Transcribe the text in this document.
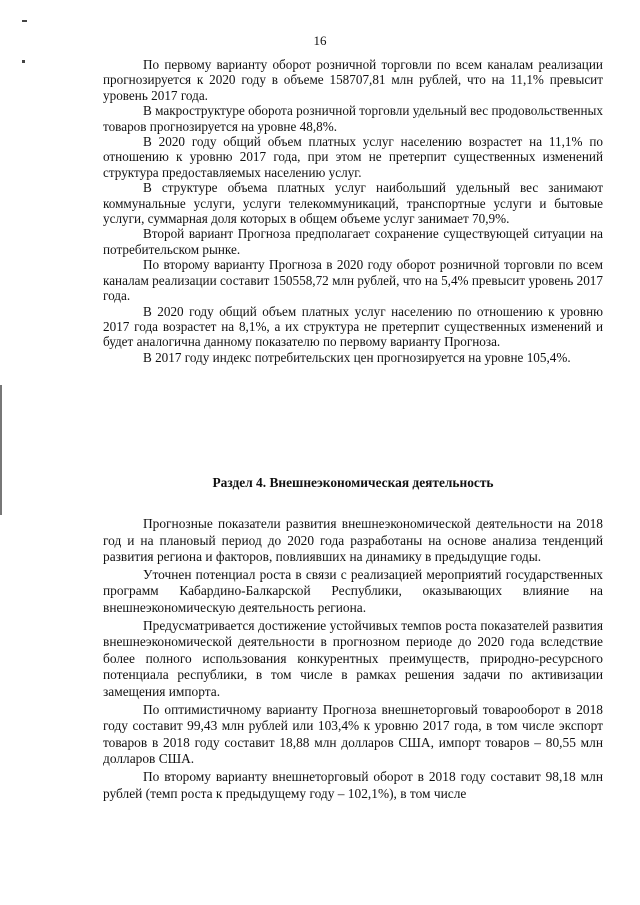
16

По первому варианту оборот розничной торговли по всем каналам реализации прогнозируется к 2020 году в объеме 158707,81 млн рублей, что на 11,1% превысит уровень 2017 года.

В макроструктуре оборота розничной торговли удельный вес продовольственных товаров прогнозируется на уровне 48,8%.

В 2020 году общий объем платных услуг населению возрастет на 11,1% по отношению к уровню 2017 года, при этом не претерпит существенных изменений структура предоставляемых населению услуг.

В структуре объема платных услуг наибольший удельный вес занимают коммунальные услуги, услуги телекоммуникаций, транспортные услуги и бытовые услуги, суммарная доля которых в общем объеме услуг занимает 70,9%.

Второй вариант Прогноза предполагает сохранение существующей ситуации на потребительском рынке.

По второму варианту Прогноза в 2020 году оборот розничной торговли по всем каналам реализации составит 150558,72 млн рублей, что на 5,4% превысит уровень 2017 года.

В 2020 году общий объем платных услуг населению по отношению к уровню 2017 года возрастет на 8,1%, а их структура не претерпит существенных изменений и будет аналогична данному показателю по первому варианту Прогноза.

В 2017 году индекс потребительских цен прогнозируется на уровне 105,4%.

Раздел 4. Внешнеэкономическая деятельность

Прогнозные показатели развития внешнеэкономической деятельности на 2018 год и на плановый период до 2020 года разработаны на основе анализа тенденций развития региона и факторов, повлиявших на динамику в предыдущие годы.

Уточнен потенциал роста в связи с реализацией мероприятий государственных программ Кабардино-Балкарской Республики, оказывающих влияние на внешнеэкономическую деятельность региона.

Предусматривается достижение устойчивых темпов роста показателей развития внешнеэкономической деятельности в прогнозном периоде до 2020 года вследствие более полного использования конкурентных преимуществ, природно-ресурсного потенциала республики, в том числе в рамках решения задачи по активизации замещения импорта.

По оптимистичному варианту Прогноза внешнеторговый товарооборот в 2018 году составит 99,43 млн рублей или 103,4% к уровню 2017 года, в том числе экспорт товаров в 2018 году составит 18,88 млн долларов США, импорт товаров – 80,55 млн долларов США.

По второму варианту внешнеторговый оборот в 2018 году составит 98,18 млн рублей (темп роста к предыдущему году – 102,1%), в том числе
